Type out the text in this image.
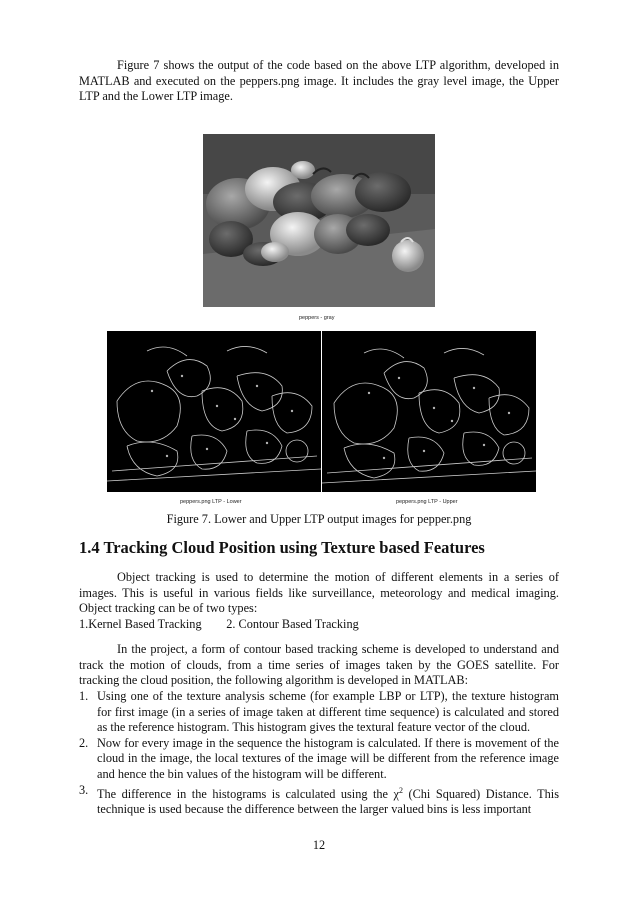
Figure 7 shows the output of the code based on the above LTP algorithm, developed in MATLAB and executed on the peppers.png image. It includes the gray level image, the Upper LTP and the Lower LTP image.

peppers - gray
peppers.png LTP - Lower	peppers.png LTP - Upper
Figure 7. Lower and Upper LTP output images for pepper.png
1.4 Tracking Cloud Position using Texture based Features

Object tracking is used to determine the motion of different elements in a series of images. This is useful in various fields like surveillance, meteorology and medical imaging. Object tracking can be of two types:

1.Kernel Based Tracking        2. Contour Based Tracking

In the project, a form of contour based tracking scheme is developed to understand and track the motion of clouds, from a time series of images taken by the GOES satellite. For tracking the cloud position, the following algorithm is developed in MATLAB:

1. Using one of the texture analysis scheme (for example LBP or LTP), the texture histogram for first image (in a series of image taken at different time sequence) is calculated and stored as the reference histogram. This histogram gives the textural feature vector of the cloud.
2. Now for every image in the sequence the histogram is calculated. If there is movement of the cloud in the image, the local textures of the image will be different from the reference image and hence the bin values of the histogram will be different.
3. The difference in the histograms is calculated using the $\chi^2$ (Chi Squared) Distance. This technique is used because the difference between the larger valued bins is less important
12
